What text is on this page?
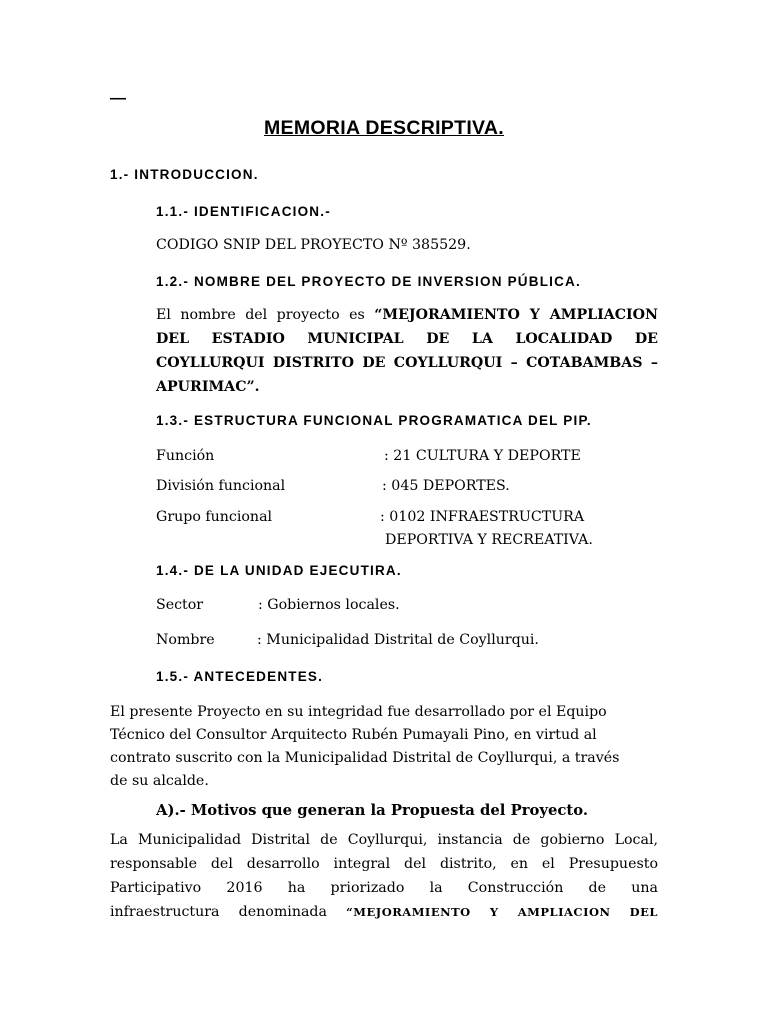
—
MEMORIA DESCRIPTIVA.
1.- INTRODUCCION.
1.1.- IDENTIFICACION.-
CODIGO SNIP DEL PROYECTO Nº 385529.
1.2.- NOMBRE DEL PROYECTO DE INVERSION PÚBLICA.
El nombre del proyecto es “MEJORAMIENTO Y AMPLIACION
DEL ESTADIO MUNICIPAL DE LA LOCALIDAD DE
COYLLURQUI DISTRITO DE COYLLURQUI – COTABAMBAS –
APURIMAC”.
1.3.- ESTRUCTURA FUNCIONAL PROGRAMATICA DEL PIP.
Función	: 21 CULTURA Y DEPORTE
División funcional	: 045 DEPORTES.
Grupo funcional	: 0102 INFRAESTRUCTURA
DEPORTIVA Y RECREATIVA.
1.4.- DE LA UNIDAD EJECUTIRA.
Sector	: Gobiernos locales.
Nombre	: Municipalidad Distrital de Coyllurqui.
1.5.- ANTECEDENTES.
El presente Proyecto en su integridad fue desarrollado por el Equipo
Técnico del Consultor Arquitecto Rubén Pumayali Pino, en virtud al
contrato suscrito con la Municipalidad Distrital de Coyllurqui, a través
de su alcalde.
A).- Motivos que generan la Propuesta del Proyecto.
La Municipalidad Distrital de Coyllurqui, instancia de gobierno Local,
responsable del desarrollo integral del distrito, en el Presupuesto
Participativo 2016 ha priorizado la Construcción de una
infraestructura denominada “MEJORAMIENTO Y AMPLIACION DEL
